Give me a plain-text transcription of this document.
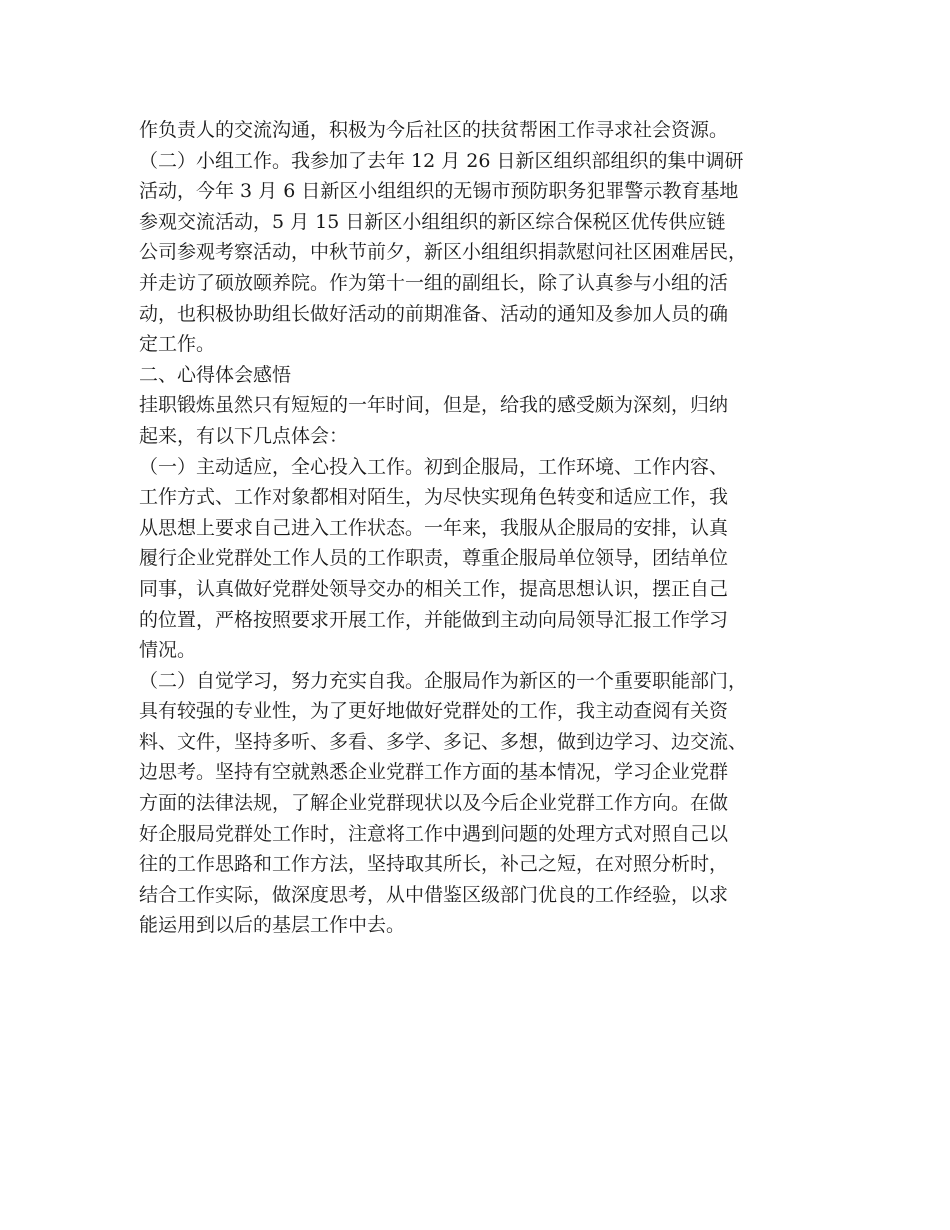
作负责人的交流沟通，积极为今后社区的扶贫帮困工作寻求社会资源。
（二）小组工作。我参加了去年 12 月 26 日新区组织部组织的集中调研
活动，今年 3 月 6 日新区小组组织的无锡市预防职务犯罪警示教育基地
参观交流活动，5 月 15 日新区小组组织的新区综合保税区优传供应链
公司参观考察活动，中秋节前夕，新区小组组织捐款慰问社区困难居民，
并走访了硕放颐养院。作为第十一组的副组长，除了认真参与小组的活
动，也积极协助组长做好活动的前期准备、活动的通知及参加人员的确
定工作。
二、心得体会感悟
挂职锻炼虽然只有短短的一年时间，但是，给我的感受颇为深刻，归纳
起来，有以下几点体会：
（一）主动适应，全心投入工作。初到企服局，工作环境、工作内容、
工作方式、工作对象都相对陌生，为尽快实现角色转变和适应工作，我
从思想上要求自己进入工作状态。一年来，我服从企服局的安排，认真
履行企业党群处工作人员的工作职责，尊重企服局单位领导，团结单位
同事，认真做好党群处领导交办的相关工作，提高思想认识，摆正自己
的位置，严格按照要求开展工作，并能做到主动向局领导汇报工作学习
情况。
（二）自觉学习，努力充实自我。企服局作为新区的一个重要职能部门，
具有较强的专业性，为了更好地做好党群处的工作，我主动查阅有关资
料、文件，坚持多听、多看、多学、多记、多想，做到边学习、边交流、
边思考。坚持有空就熟悉企业党群工作方面的基本情况，学习企业党群
方面的法律法规，了解企业党群现状以及今后企业党群工作方向。在做
好企服局党群处工作时，注意将工作中遇到问题的处理方式对照自己以
往的工作思路和工作方法，坚持取其所长，补己之短，在对照分析时，
结合工作实际，做深度思考，从中借鉴区级部门优良的工作经验，以求
能运用到以后的基层工作中去。
